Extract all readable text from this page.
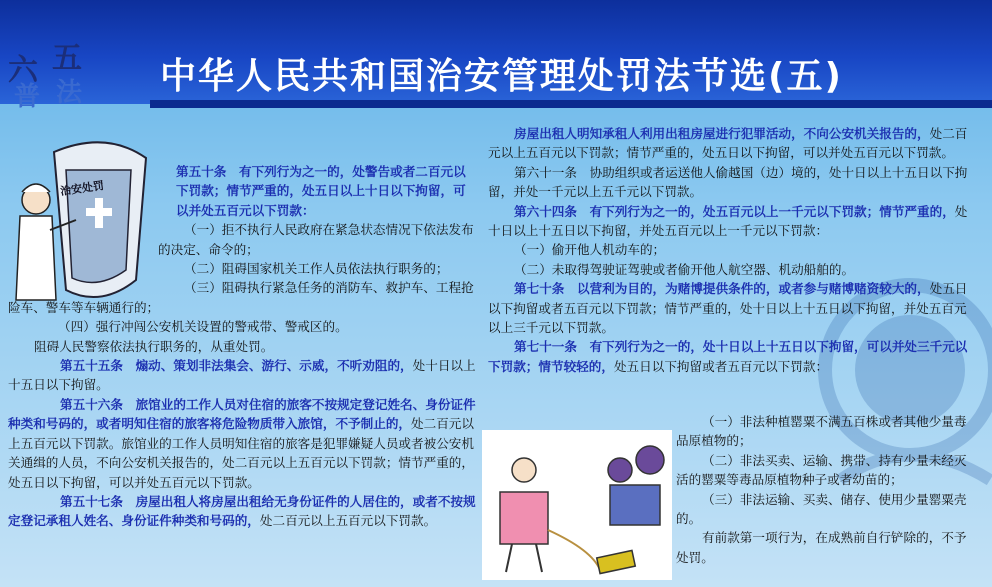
六 五
普 法 中华人民共和国治安管理处罚法节选(五)
治安处罚

第五十条　有下列行为之一的，处警告或者二百元以下罚款；情节严重的，处五日以上十日以下拘留，可以并处五百元以下罚款：

（一）拒不执行人民政府在紧急状态情况下依法发布的决定、命令的；

（二）阻碍国家机关工作人员依法执行职务的；

（三）阻碍执行紧急任务的消防车、救护车、工程抢险车、警车等车辆通行的；

（四）强行冲闯公安机关设置的警戒带、警戒区的。

阻碍人民警察依法执行职务的，从重处罚。

第五十五条　煽动、策划非法集会、游行、示威，不听劝阻的，处十日以上十五日以下拘留。

第五十六条　旅馆业的工作人员对住宿的旅客不按规定登记姓名、身份证件种类和号码的，或者明知住宿的旅客将危险物质带入旅馆，不予制止的，处二百元以上五百元以下罚款。旅馆业的工作人员明知住宿的旅客是犯罪嫌疑人员或者被公安机关通缉的人员，不向公安机关报告的，处二百元以上五百元以下罚款；情节严重的，处五日以下拘留，可以并处五百元以下罚款。

第五十七条　房屋出租人将房屋出租给无身份证件的人居住的，或者不按规定登记承租人姓名、身份证件种类和号码的，处二百元以上五百元以下罚款。

房屋出租人明知承租人利用出租房屋进行犯罪活动，不向公安机关报告的，处二百元以上五百元以下罚款；情节严重的，处五日以下拘留，可以并处五百元以下罚款。

第六十一条　协助组织或者运送他人偷越国（边）境的，处十日以上十五日以下拘留，并处一千元以上五千元以下罚款。

第六十四条　有下列行为之一的，处五百元以上一千元以下罚款；情节严重的，处十日以上十五日以下拘留，并处五百元以上一千元以下罚款：

（一）偷开他人机动车的；

（二）未取得驾驶证驾驶或者偷开他人航空器、机动船舶的。

第七十条　以营利为目的，为赌博提供条件的，或者参与赌博赌资较大的，处五日以下拘留或者五百元以下罚款；情节严重的，处十日以上十五日以下拘留，并处五百元以上三千元以下罚款。

第七十一条　有下列行为之一的，处十日以上十五日以下拘留，可以并处三千元以下罚款；情节较轻的，处五日以下拘留或者五百元以下罚款：

（一）非法种植罂粟不满五百株或者其他少量毒品原植物的；

（二）非法买卖、运输、携带、持有少量未经灭活的罂粟等毒品原植物种子或者幼苗的；

（三）非法运输、买卖、储存、使用少量罂粟壳的。

有前款第一项行为，在成熟前自行铲除的，不予处罚。
